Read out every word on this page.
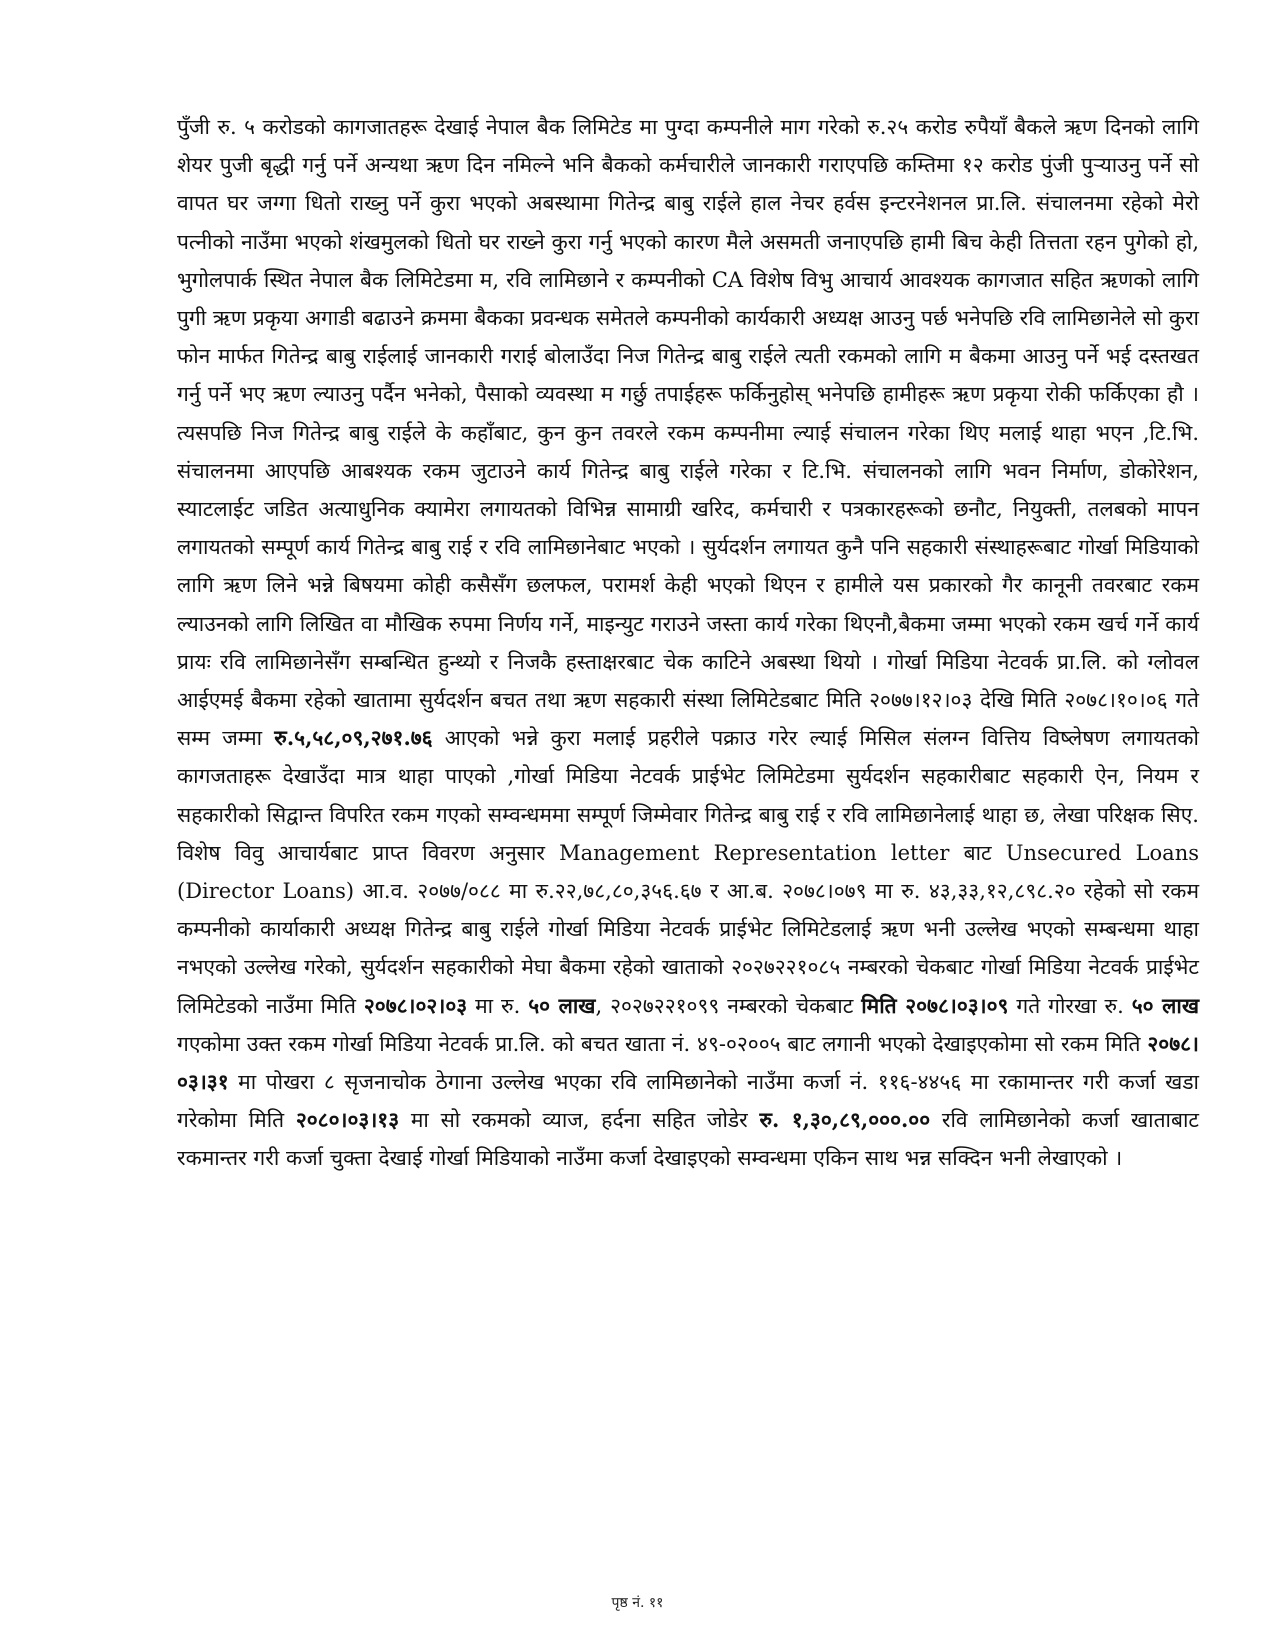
पुँजी रु. ५ करोडको कागजातहरू देखाई नेपाल बैक लिमिटेड मा पुग्दा कम्पनीले माग गरेको रु.२५ करोड रुपैयाँ बैकले ऋण दिनको लागि शेयर पुजी बृद्धी गर्नु पर्ने अन्यथा ऋण दिन नमिल्ने भनि बैकको कर्मचारीले जानकारी गराएपछि कम्तिमा १२ करोड पुंजी पुऱ्याउनु पर्ने सो वापत घर जग्गा धितो राख्नु पर्ने कुरा भएको अबस्थामा गितेन्द्र बाबु राईले हाल नेचर हर्वस इन्टरनेशनल प्रा.लि. संचालनमा रहेको मेरो पत्नीको नाउँमा भएको शंखमुलको धितो घर राख्ने कुरा गर्नु भएको कारण मैले असमती जनाएपछि हामी बिच केही तित्तता रहन पुगेको हो, भुगोलपार्क स्थित नेपाल बैक लिमिटेडमा म, रवि लामिछाने र कम्पनीको CA विशेष विभु आचार्य आवश्यक कागजात सहित ऋणको लागि पुगी ऋण प्रकृया अगाडी बढाउने क्रममा बैकका प्रवन्धक समेतले कम्पनीको कार्यकारी अध्यक्ष आउनु पर्छ भनेपछि रवि लामिछानेले सो कुरा फोन मार्फत गितेन्द्र बाबु राईलाई जानकारी गराई बोलाउँदा निज गितेन्द्र बाबु राईले त्यती रकमको लागि म बैकमा आउनु पर्ने भई दस्तखत गर्नु पर्ने भए ऋण ल्याउनु पर्दैन भनेको, पैसाको व्यवस्था म गर्छु तपाईहरू फर्किनुहोस् भनेपछि हामीहरू ऋण प्रकृया रोकी फर्किएका हौ । त्यसपछि निज गितेन्द्र बाबु राईले के कहाँबाट, कुन कुन तवरले रकम कम्पनीमा ल्याई संचालन गरेका थिए मलाई थाहा भएन ,टि.भि. संचालनमा आएपछि आबश्यक रकम जुटाउने कार्य गितेन्द्र बाबु राईले गरेका र टि.भि. संचालनको लागि भवन निर्माण, डोकोरेशन, स्याटलाईट जडित अत्याधुनिक क्यामेरा लगायतको विभिन्न सामाग्री खरिद, कर्मचारी र पत्रकारहरूको छनौट, नियुक्ती, तलबको मापन लगायतको सम्पूर्ण कार्य गितेन्द्र बाबु राई र रवि लामिछानेबाट भएको । सुर्यदर्शन लगायत कुनै पनि सहकारी संस्थाहरूबाट गोर्खा मिडियाको लागि ऋण लिने भन्ने बिषयमा कोही कसैसँग छलफल, परामर्श केही भएको थिएन र हामीले यस प्रकारको गैर कानूनी तवरबाट रकम ल्याउनको लागि लिखित वा मौखिक रुपमा निर्णय गर्ने, माइन्युट गराउने जस्ता कार्य गरेका थिएनौ,बैकमा जम्मा भएको रकम खर्च गर्ने कार्य प्रायः रवि लामिछानेसँग सम्बन्धित हुन्थ्यो र निजकै हस्ताक्षरबाट चेक काटिने अबस्था थियो । गोर्खा मिडिया नेटवर्क प्रा.लि. को ग्लोवल आईएमई बैकमा रहेको खातामा सुर्यदर्शन बचत तथा ऋण सहकारी संस्था लिमिटेडबाट मिति २०७७।१२।०३ देखि मिति २०७८।१०।०६ गते सम्म जम्मा रु.५,५८,०९,२७१.७६ आएको भन्ने कुरा मलाई प्रहरीले पक्राउ गरेर ल्याई मिसिल संलग्न वित्तिय विष्लेषण लगायतको कागजताहरू देखाउँदा मात्र थाहा पाएको ,गोर्खा मिडिया नेटवर्क प्राईभेट लिमिटेडमा सुर्यदर्शन सहकारीबाट सहकारी ऐन, नियम र सहकारीको सिद्वान्त विपरित रकम गएको सम्वन्धममा सम्पूर्ण जिम्मेवार गितेन्द्र बाबु राई र रवि लामिछानेलाई थाहा छ, लेखा परिक्षक सिए. विशेष विवु आचार्यबाट प्राप्त विवरण अनुसार Management Representation letter बाट Unsecured Loans (Director Loans) आ.व. २०७७/०८८ मा रु.२२,७८,८०,३५६.६७ र आ.ब. २०७८।०७९ मा रु. ४३,३३,१२,८९८.२० रहेको सो रकम कम्पनीको कार्याकारी अध्यक्ष गितेन्द्र बाबु राईले गोर्खा मिडिया नेटवर्क प्राईभेट लिमिटेडलाई ऋण भनी उल्लेख भएको सम्बन्धमा थाहा नभएको उल्लेख गरेको, सुर्यदर्शन सहकारीको मेघा बैकमा रहेको खाताको २०२७२२१०८५ नम्बरको चेकबाट गोर्खा मिडिया नेटवर्क प्राईभेट लिमिटेडको नाउँमा मिति २०७८।०२।०३ मा रु. ५० लाख, २०२७२२१०९९ नम्बरको चेकबाट मिति २०७८।०३।०९ गते गोरखा रु. ५० लाख गएकोमा उक्त रकम गोर्खा मिडिया नेटवर्क प्रा.लि. को बचत खाता नं. ४९-०२००५ बाट लगानी भएको देखाइएकोमा सो रकम मिति २०७८।०३।३१ मा पोखरा ८ सृजनाचोक ठेगाना उल्लेख भएका रवि लामिछानेको नाउँमा कर्जा नं. ११६-४४५६ मा रकामान्तर गरी कर्जा खडा गरेकोमा मिति २०८०।०३।१३ मा सो रकमको व्याज, हर्दना सहित जोडेर रु. १,३०,८९,०००.०० रवि लामिछानेको कर्जा खाताबाट रकमान्तर गरी कर्जा चुक्ता देखाई गोर्खा मिडियाको नाउँमा कर्जा देखाइएको सम्वन्धमा एकिन साथ भन्न सक्दिन भनी लेखाएको ।

पृष्ठ नं. ११
